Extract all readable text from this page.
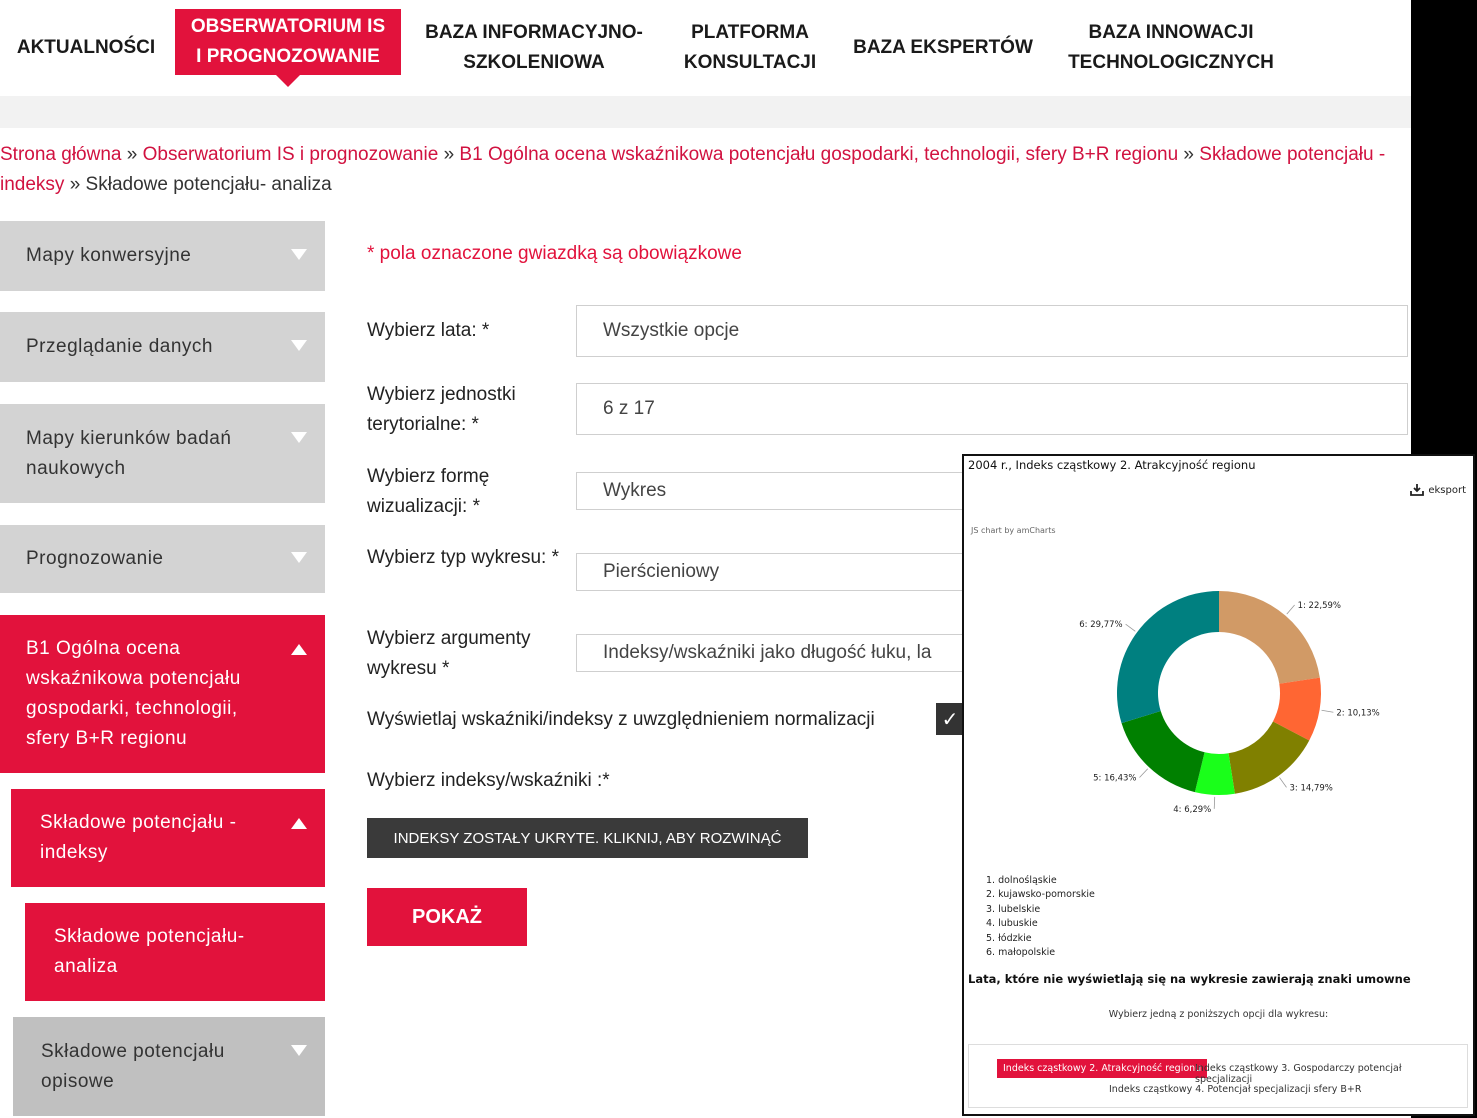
AKTUALNOŚCI
OBSERWATORIUM IS
I PROGNOZOWANIE
BAZA INFORMACYJNO-
SZKOLENIOWA
PLATFORMA
KONSULTACJI
BAZA EKSPERTÓW
BAZA INNOWACJI
TECHNOLOGICZNYCH
Strona główna » Obserwatorium IS i prognozowanie » B1 Ogólna ocena wskaźnikowa potencjału gospodarki, technologii, sfery B+R regionu » Składowe potencjału - indeksy » Składowe potencjału- analiza
Mapy konwersyjne
Przeglądanie danych
Mapy kierunków badań naukowych
Prognozowanie
B1 Ogólna ocena wskaźnikowa potencjału gospodarki, technologii, sfery B+R regionu
Składowe potencjału - indeksy
Składowe potencjału- analiza
Składowe potencjału opisowe
* pola oznaczone gwiazdką są obowiązkowe
Wybierz lata: *	Wszystkie opcje
Wybierz jednostki terytorialne: *
6 z 17
Wybierz formę wizualizacji: *
Wykres
Wybierz typ wykresu: *
Pierścieniowy
Wybierz argumenty wykresu *
Indeksy/wskaźniki jako długość łuku, la
Wyświetlaj wskaźniki/indeksy z uwzględnieniem normalizacji	✓
Wybierz indeksy/wskaźniki :*
INDEKSY ZOSTAŁY UKRYTE. KLIKNIJ, ABY ROZWINĄĆ
POKAŻ
2004 r., Indeks cząstkowy 2. Atrakcyjność regionu
eksport
JS chart by amCharts
1: 22,59%
2: 10,13%
3: 14,79%
4: 6,29%
5: 16,43%
6: 29,77%
1. dolnośląskie
2. kujawsko-pomorskie
3. lubelskie
4. lubuskie
5. łódzkie
6. małopolskie
Lata, które nie wyświetlają się na wykresie zawierają znaki umowne
Wybierz jedną z poniższych opcji dla wykresu:
Indeks cząstkowy 2. Atrakcyjność regionu
Indeks cząstkowy 3. Gospodarczy potencjał specjalizacji
Indeks cząstkowy 4. Potencjał specjalizacji sfery B+R
